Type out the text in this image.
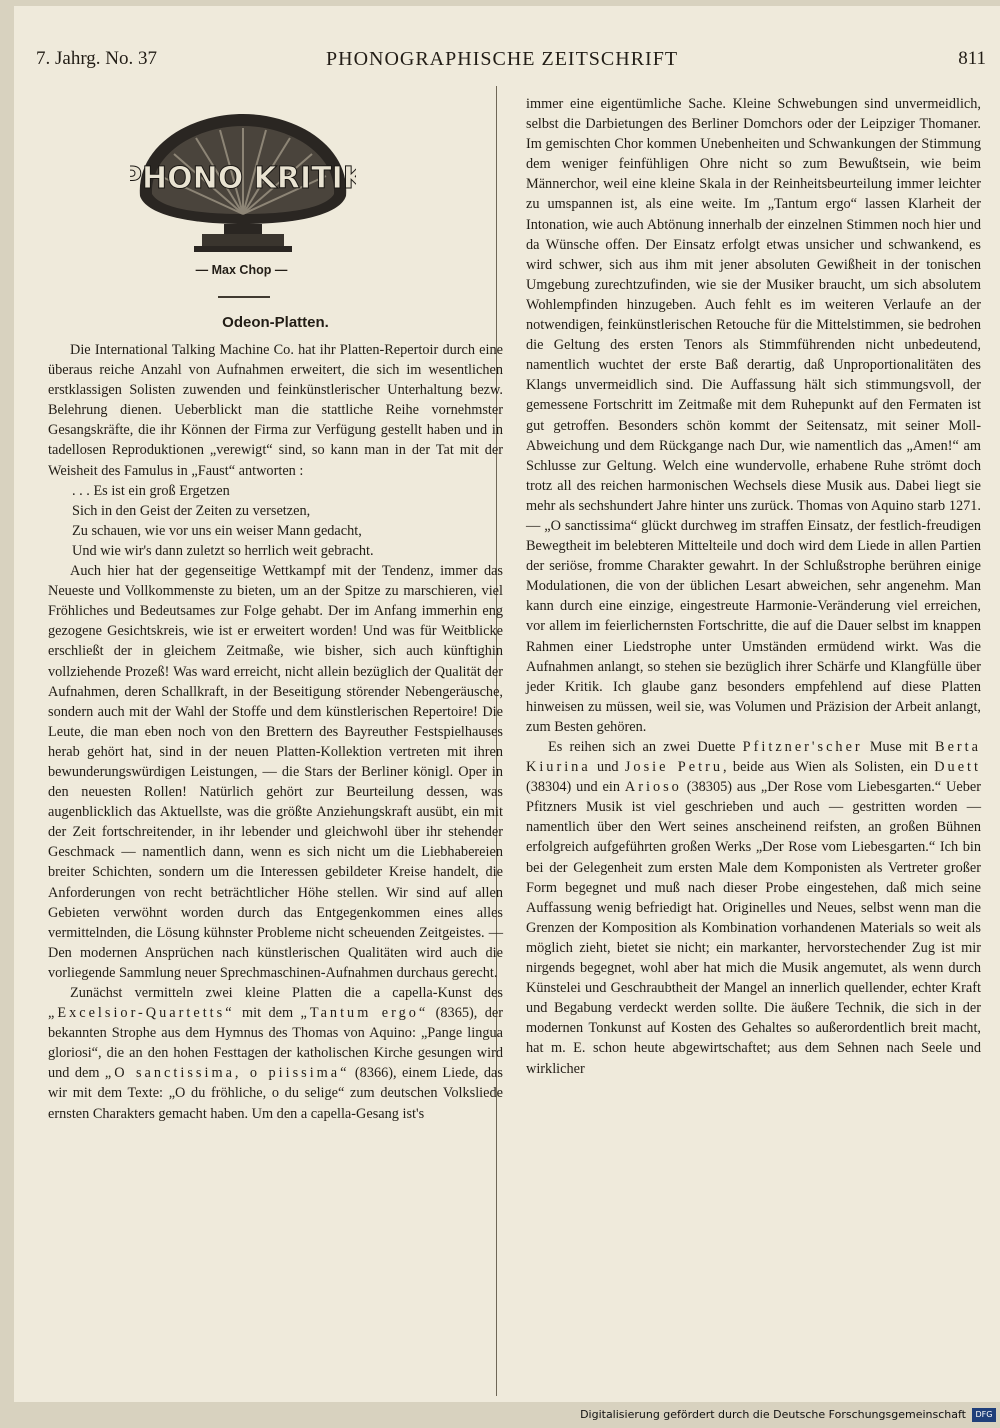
7. Jahrg. No. 37	PHONOGRAPHISCHE ZEITSCHRIFT	811
PHONO KRITIK
— Max Chop —
Odeon-Platten.

Die International Talking Machine Co. hat ihr Platten-Repertoir durch eine überaus reiche Anzahl von Aufnahmen erweitert, die sich im wesentlichen erstklassigen Solisten zuwenden und feinkünstlerischer Unterhaltung bezw. Belehrung dienen. Ueberblickt man die stattliche Reihe vornehmster Gesangskräfte, die ihr Können der Firma zur Verfügung gestellt haben und in tadellosen Reproduktionen „verewigt“ sind, so kann man in der Tat mit der Weisheit des Famulus in „Faust“ antworten :

. . . Es ist ein groß Ergetzen
Sich in den Geist der Zeiten zu versetzen,
Zu schauen, wie vor uns ein weiser Mann gedacht,
Und wie wir's dann zuletzt so herrlich weit gebracht.

Auch hier hat der gegenseitige Wettkampf mit der Tendenz, immer das Neueste und Vollkommenste zu bieten, um an der Spitze zu marschieren, viel Fröhliches und Bedeutsames zur Folge gehabt. Der im Anfang immerhin eng gezogene Gesichtskreis, wie ist er erweitert worden! Und was für Weitblicke erschließt der in gleichem Zeitmaße, wie bisher, sich auch künftighin vollziehende Prozeß! Was ward erreicht, nicht allein bezüglich der Qualität der Aufnahmen, deren Schallkraft, in der Beseitigung störender Nebengeräusche, sondern auch mit der Wahl der Stoffe und dem künstlerischen Repertoire! Die Leute, die man eben noch von den Brettern des Bayreuther Festspielhauses herab gehört hat, sind in der neuen Platten-Kollektion vertreten mit ihren bewunderungswürdigen Leistungen, — die Stars der Berliner königl. Oper in den neuesten Rollen! Natürlich gehört zur Beurteilung dessen, was augenblicklich das Aktuellste, was die größte Anziehungskraft ausübt, ein mit der Zeit fortschreitender, in ihr lebender und gleichwohl über ihr stehender Geschmack — namentlich dann, wenn es sich nicht um die Liebhabereien breiter Schichten, sondern um die Interessen gebildeter Kreise handelt, die Anforderungen von recht beträchtlicher Höhe stellen. Wir sind auf allen Gebieten verwöhnt worden durch das Entgegenkommen eines alles vermittelnden, die Lösung kühnster Probleme nicht scheuenden Zeitgeistes. — Den modernen Ansprüchen nach künstlerischen Qualitäten wird auch die vorliegende Sammlung neuer Sprechmaschinen-Aufnahmen durchaus gerecht.

Zunächst vermitteln zwei kleine Platten die a capella-Kunst des „Excelsior-Quartetts“ mit dem „Tantum ergo“ (8365), der bekannten Strophe aus dem Hymnus des Thomas von Aquino: „Pange lingua gloriosi“, die an den hohen Festtagen der katholischen Kirche gesungen wird und dem „O sanctissima, o piissima“ (8366), einem Liede, das wir mit dem Texte: „O du fröhliche, o du selige“ zum deutschen Volksliede ernsten Charakters gemacht haben. Um den a capella-Gesang ist's

immer eine eigentümliche Sache. Kleine Schwebungen sind unvermeidlich, selbst die Darbietungen des Berliner Domchors oder der Leipziger Thomaner. Im gemischten Chor kommen Unebenheiten und Schwankungen der Stimmung dem weniger feinfühligen Ohre nicht so zum Bewußtsein, wie beim Männerchor, weil eine kleine Skala in der Reinheitsbeurteilung immer leichter zu umspannen ist, als eine weite. Im „Tantum ergo“ lassen Klarheit der Intonation, wie auch Abtönung innerhalb der einzelnen Stimmen noch hier und da Wünsche offen. Der Einsatz erfolgt etwas unsicher und schwankend, es wird schwer, sich aus ihm mit jener absoluten Gewißheit in der tonischen Umgebung zurechtzufinden, wie sie der Musiker braucht, um sich absolutem Wohlempfinden hinzugeben. Auch fehlt es im weiteren Verlaufe an der notwendigen, feinkünstlerischen Retouche für die Mittelstimmen, sie bedrohen die Geltung des ersten Tenors als Stimmführenden nicht unbedeutend, namentlich wuchtet der erste Baß derartig, daß Unproportionalitäten des Klangs unvermeidlich sind. Die Auffassung hält sich stimmungsvoll, der gemessene Fortschritt im Zeitmaße mit dem Ruhepunkt auf den Fermaten ist gut getroffen. Besonders schön kommt der Seitensatz, mit seiner Moll-Abweichung und dem Rückgange nach Dur, wie namentlich das „Amen!“ am Schlusse zur Geltung. Welch eine wundervolle, erhabene Ruhe strömt doch trotz all des reichen harmonischen Wechsels diese Musik aus. Dabei liegt sie mehr als sechshundert Jahre hinter uns zurück. Thomas von Aquino starb 1271. — „O sanctissima“ glückt durchweg im straffen Einsatz, der festlich-freudigen Bewegtheit im belebteren Mittelteile und doch wird dem Liede in allen Partien der seriöse, fromme Charakter gewahrt. In der Schlußstrophe berühren einige Modulationen, die von der üblichen Lesart abweichen, sehr angenehm. Man kann durch eine einzige, eingestreute Harmonie-Veränderung viel erreichen, vor allem im feierlichernsten Fortschritte, die auf die Dauer selbst im knappen Rahmen einer Liedstrophe unter Umständen ermüdend wirkt. Was die Aufnahmen anlangt, so stehen sie bezüglich ihrer Schärfe und Klangfülle über jeder Kritik. Ich glaube ganz besonders empfehlend auf diese Platten hinweisen zu müssen, weil sie, was Volumen und Präzision der Arbeit anlangt, zum Besten gehören.

Es reihen sich an zwei Duette Pfitzner'scher Muse mit Berta Kiurina und Josie Petru, beide aus Wien als Solisten, ein Duett (38304) und ein Arioso (38305) aus „Der Rose vom Liebesgarten.“ Ueber Pfitzners Musik ist viel geschrieben und auch — gestritten worden — namentlich über den Wert seines anscheinend reifsten, an großen Bühnen erfolgreich aufgeführten großen Werks „Der Rose vom Liebesgarten.“ Ich bin bei der Gelegenheit zum ersten Male dem Komponisten als Vertreter großer Form begegnet und muß nach dieser Probe eingestehen, daß mich seine Auffassung wenig befriedigt hat. Originelles und Neues, selbst wenn man die Grenzen der Komposition als Kombination vorhandenen Materials so weit als möglich zieht, bietet sie nicht; ein markanter, hervorstechender Zug ist mir nirgends begegnet, wohl aber hat mich die Musik angemutet, als wenn durch Künstelei und Geschraubtheit der Mangel an innerlich quellender, echter Kraft und Begabung verdeckt werden sollte. Die äußere Technik, die sich in der modernen Tonkunst auf Kosten des Gehaltes so außerordentlich breit macht, hat m. E. schon heute abgewirtschaftet; aus dem Sehnen nach Seele und wirklicher

Digitalisierung gefördert durch die Deutsche Forschungsgemeinschaft	DFG
